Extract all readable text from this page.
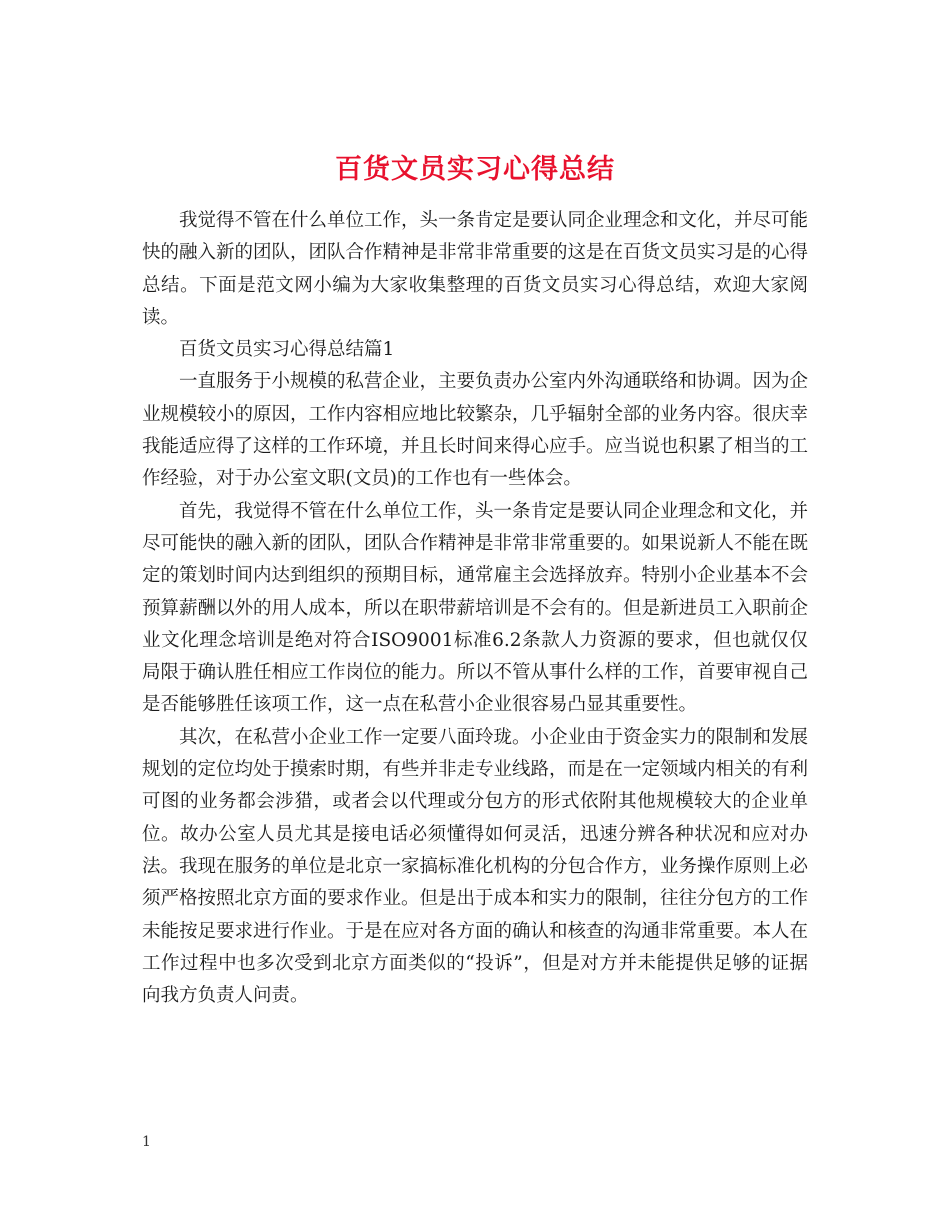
百货文员实习心得总结

我觉得不管在什么单位工作，头一条肯定是要认同企业理念和文化，并尽可能快的融入新的团队，团队合作精神是非常非常重要的这是在百货文员实习是的心得总结。下面是范文网小编为大家收集整理的百货文员实习心得总结，欢迎大家阅读。

百货文员实习心得总结篇1

一直服务于小规模的私营企业，主要负责办公室内外沟通联络和协调。因为企业规模较小的原因，工作内容相应地比较繁杂，几乎辐射全部的业务内容。很庆幸我能适应得了这样的工作环境，并且长时间来得心应手。应当说也积累了相当的工作经验，对于办公室文职(文员)的工作也有一些体会。

首先，我觉得不管在什么单位工作，头一条肯定是要认同企业理念和文化，并尽可能快的融入新的团队，团队合作精神是非常非常重要的。如果说新人不能在既定的策划时间内达到组织的预期目标，通常雇主会选择放弃。特别小企业基本不会预算薪酬以外的用人成本，所以在职带薪培训是不会有的。但是新进员工入职前企业文化理念培训是绝对符合ISO9001标准6.2条款人力资源的要求，但也就仅仅局限于确认胜任相应工作岗位的能力。所以不管从事什么样的工作，首要审视自己是否能够胜任该项工作，这一点在私营小企业很容易凸显其重要性。

其次，在私营小企业工作一定要八面玲珑。小企业由于资金实力的限制和发展规划的定位均处于摸索时期，有些并非走专业线路，而是在一定领域内相关的有利可图的业务都会涉猎，或者会以代理或分包方的形式依附其他规模较大的企业单位。故办公室人员尤其是接电话必须懂得如何灵活，迅速分辨各种状况和应对办法。我现在服务的单位是北京一家搞标准化机构的分包合作方，业务操作原则上必须严格按照北京方面的要求作业。但是出于成本和实力的限制，往往分包方的工作未能按足要求进行作业。于是在应对各方面的确认和核查的沟通非常重要。本人在工作过程中也多次受到北京方面类似的“投诉”，但是对方并未能提供足够的证据向我方负责人问责。

1
